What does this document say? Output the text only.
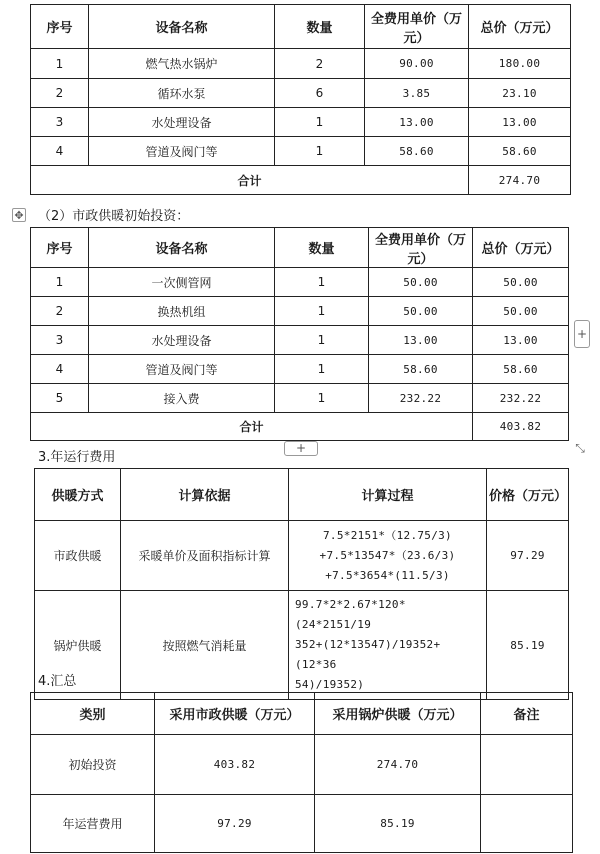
序号	设备名称	数量	全费用单价（万元）	总价（万元）
1	燃气热水锅炉	2	90.00	180.00
2	循环水泵	6	3.85	23.10
3	水处理设备	1	13.00	13.00
4	管道及阀门等	1	58.60	58.60
合计				274.70
✥ （2）市政供暖初始投资：
序号	设备名称	数量	全费用单价（万元）	总价（万元）
1	一次侧管网	1	50.00	50.00
2	换热机组	1	50.00	50.00
3	水处理设备	1	13.00	13.00
4	管道及阀门等	1	58.60	58.60
5	接入费	1	232.22	232.22
合计				403.82
+
+	⤡
3.年运行费用
供暖方式	计算依据	计算过程	价格（万元）
市政供暖	采暖单价及面积指标计算	7.5*2151*（12.75/3)
+7.5*13547*（23.6/3)
+7.5*3654*(11.5/3)	97.29
锅炉供暖	按照燃气消耗量	99.7*2*2.67*120*(24*2151/19
352+(12*13547)/19352+(12*36
54)/19352)	85.19
4.汇总
类别	采用市政供暖（万元）	采用锅炉供暖（万元）	备注
初始投资	403.82	274.70	
年运营费用	97.29	85.19	
